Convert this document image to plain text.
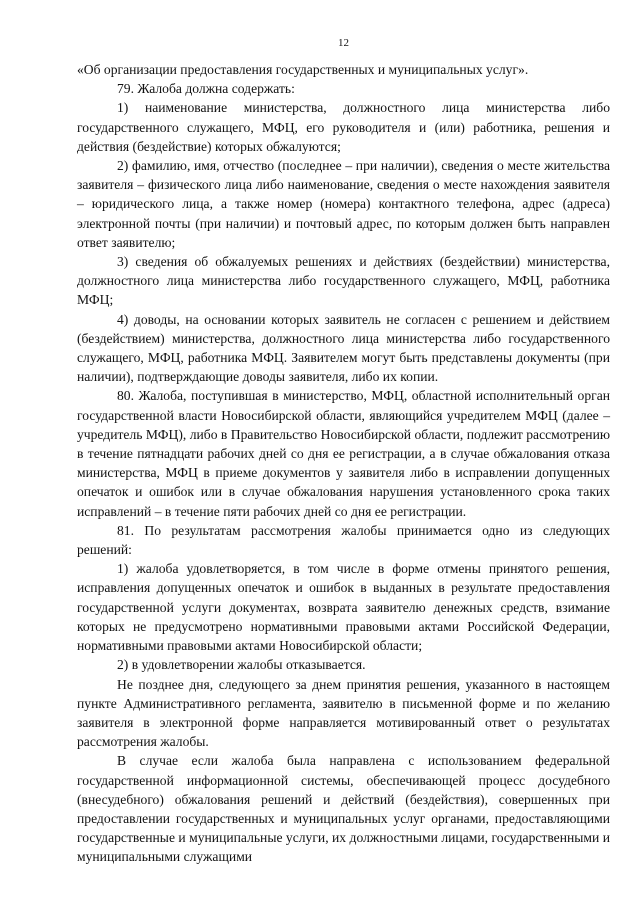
12

«Об организации предоставления государственных и муниципальных услуг».

79. Жалоба должна содержать:

1) наименование министерства, должностного лица министерства либо государственного служащего, МФЦ, его руководителя и (или) работника, решения и действия (бездействие) которых обжалуются;

2) фамилию, имя, отчество (последнее – при наличии), сведения о месте жительства заявителя – физического лица либо наименование, сведения о месте нахождения заявителя – юридического лица, а также номер (номера) контактного телефона, адрес (адреса) электронной почты (при наличии) и почтовый адрес, по которым должен быть направлен ответ заявителю;

3) сведения об обжалуемых решениях и действиях (бездействии) министерства, должностного лица министерства либо государственного служащего, МФЦ, работника МФЦ;

4) доводы, на основании которых заявитель не согласен с решением и действием (бездействием) министерства, должностного лица министерства либо государственного служащего, МФЦ, работника МФЦ. Заявителем могут быть представлены документы (при наличии), подтверждающие доводы заявителя, либо их копии.

80. Жалоба, поступившая в министерство, МФЦ, областной исполнительный орган государственной власти Новосибирской области, являющийся учредителем МФЦ (далее – учредитель МФЦ), либо в Правительство Новосибирской области, подлежит рассмотрению в течение пятнадцати рабочих дней со дня ее регистрации, а в случае обжалования отказа министерства, МФЦ в приеме документов у заявителя либо в исправлении допущенных опечаток и ошибок или в случае обжалования нарушения установленного срока таких исправлений – в течение пяти рабочих дней со дня ее регистрации.

81. По результатам рассмотрения жалобы принимается одно из следующих решений:

1) жалоба удовлетворяется, в том числе в форме отмены принятого решения, исправления допущенных опечаток и ошибок в выданных в результате предоставления государственной услуги документах, возврата заявителю денежных средств, взимание которых не предусмотрено нормативными правовыми актами Российской Федерации, нормативными правовыми актами Новосибирской области;

2) в удовлетворении жалобы отказывается.

Не позднее дня, следующего за днем принятия решения, указанного в настоящем пункте Административного регламента, заявителю в письменной форме и по желанию заявителя в электронной форме направляется мотивированный ответ о результатах рассмотрения жалобы.

В случае если жалоба была направлена с использованием федеральной государственной информационной системы, обеспечивающей процесс досудебного (внесудебного) обжалования решений и действий (бездействия), совершенных при предоставлении государственных и муниципальных услуг органами, предоставляющими государственные и муниципальные услуги, их должностными лицами, государственными и муниципальными служащими
